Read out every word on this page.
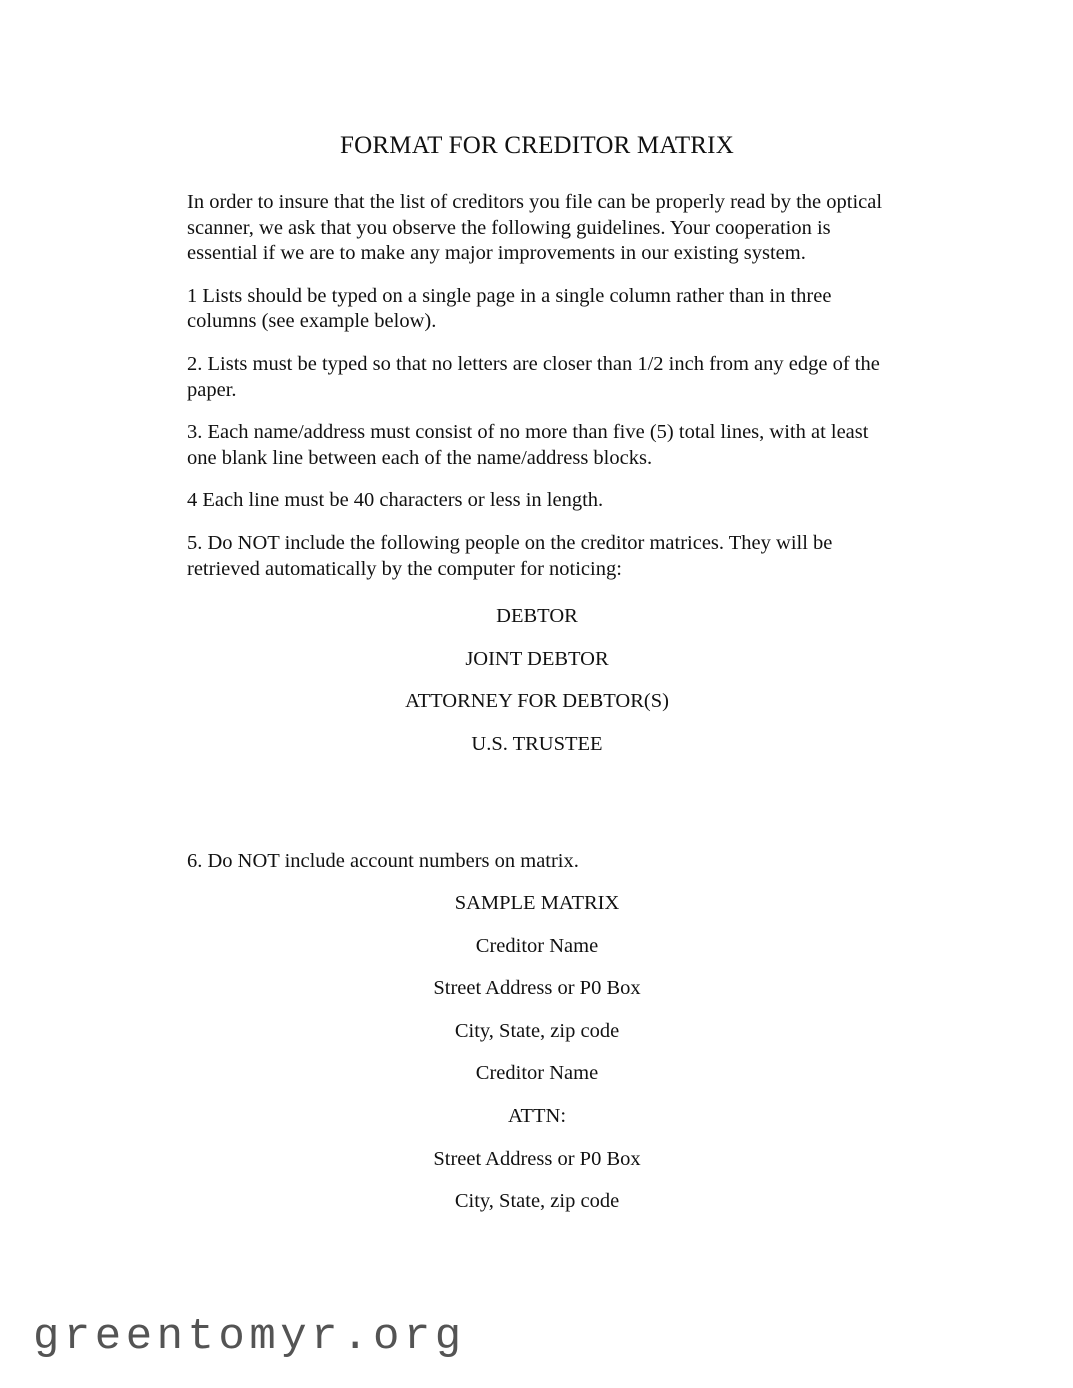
FORMAT FOR CREDITOR MATRIX

In order to insure that the list of creditors you file can be properly read by the optical scanner, we ask that you observe the following guidelines. Your cooperation is essential if we are to make any major improvements in our existing system.

1 Lists should be typed on a single page in a single column rather than in three columns (see example below).

2. Lists must be typed so that no letters are closer than 1/2 inch from any edge of the paper.

3. Each name/address must consist of no more than five (5) total lines, with at least one blank line between each of the name/address blocks.

4 Each line must be 40 characters or less in length.

5. Do NOT include the following people on the creditor matrices. They will be retrieved automatically by the computer for noticing:

DEBTOR

JOINT DEBTOR

ATTORNEY FOR DEBTOR(S)

U.S. TRUSTEE

6. Do NOT include account numbers on matrix.

SAMPLE MATRIX

Creditor Name

Street Address or P0 Box

City, State, zip code

Creditor Name

ATTN:

Street Address or P0 Box

City, State, zip code

greentomyr.org
